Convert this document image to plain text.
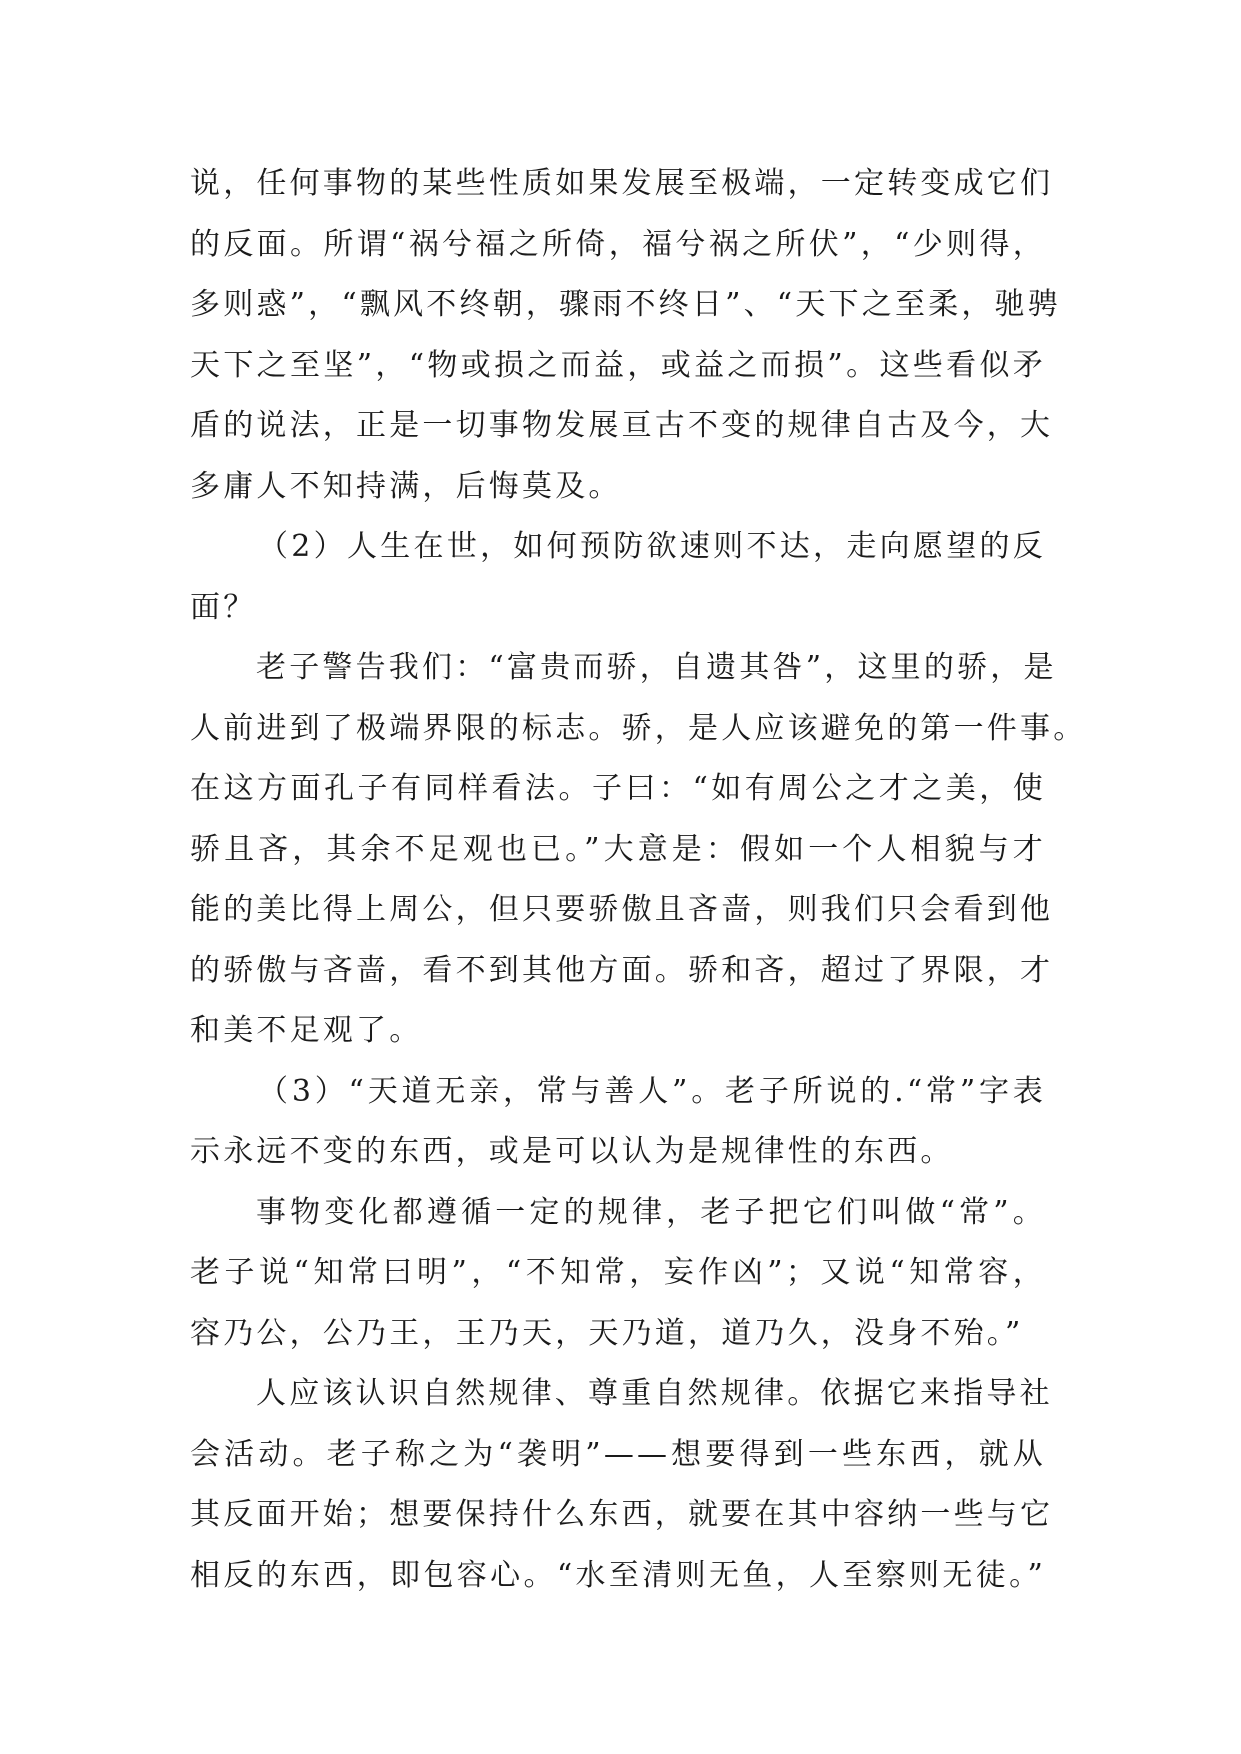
说，任何事物的某些性质如果发展至极端，一定转变成它们
的反面。所谓“祸兮福之所倚，福兮祸之所伏”，“少则得，
多则惑”，“飘风不终朝，骤雨不终日”、“天下之至柔，驰骋
天下之至坚”，“物或损之而益，或益之而损”。这些看似矛
盾的说法，正是一切事物发展亘古不变的规律自古及今，大
多庸人不知持满，后悔莫及。
（2）人生在世，如何预防欲速则不达，走向愿望的反
面？
老子警告我们：“富贵而骄，自遗其咎”，这里的骄，是
人前进到了极端界限的标志。骄，是人应该避免的第一件事。
在这方面孔子有同样看法。子曰：“如有周公之才之美，使
骄且吝，其余不足观也已。”大意是：假如一个人相貌与才
能的美比得上周公，但只要骄傲且吝啬，则我们只会看到他
的骄傲与吝啬，看不到其他方面。骄和吝，超过了界限，才
和美不足观了。
（3）“天道无亲，常与善人”。老子所说的.“常”字表
示永远不变的东西，或是可以认为是规律性的东西。
事物变化都遵循一定的规律，老子把它们叫做“常”。
老子说“知常曰明”，“不知常，妄作凶”；又说“知常容，
容乃公，公乃王，王乃天，天乃道，道乃久，没身不殆。”
人应该认识自然规律、尊重自然规律。依据它来指导社
会活动。老子称之为“袭明”——想要得到一些东西，就从
其反面开始；想要保持什么东西，就要在其中容纳一些与它
相反的东西，即包容心。“水至清则无鱼，人至察则无徒。”
